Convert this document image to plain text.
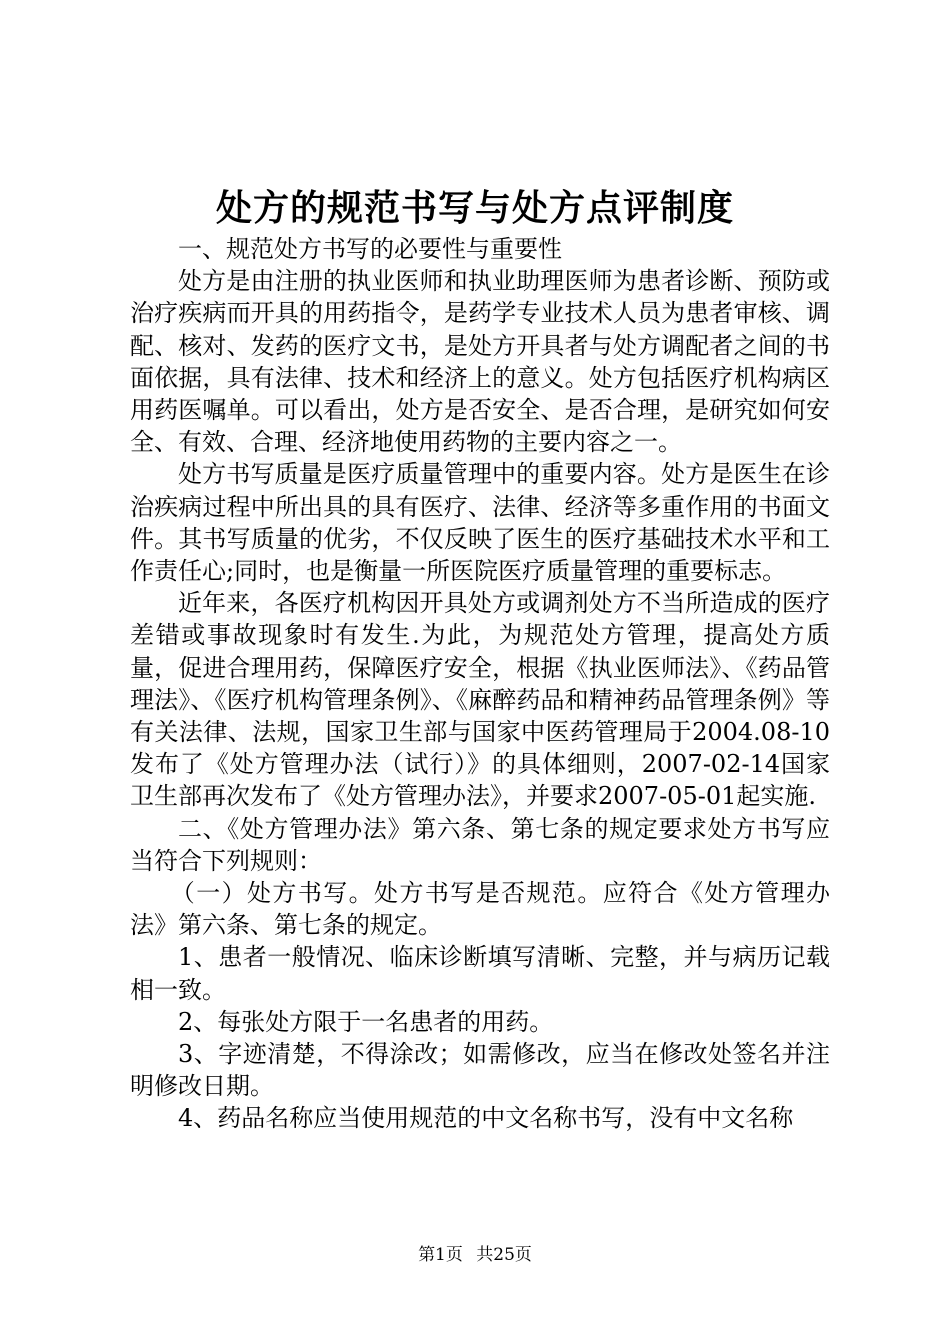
处方的规范书写与处方点评制度

一、规范处方书写的必要性与重要性

处方是由注册的执业医师和执业助理医师为患者诊断、预防或治疗疾病而开具的用药指令，是药学专业技术人员为患者审核、调配、核对、发药的医疗文书，是处方开具者与处方调配者之间的书面依据，具有法律、技术和经济上的意义。处方包括医疗机构病区用药医嘱单。可以看出，处方是否安全、是否合理，是研究如何安全、有效、合理、经济地使用药物的主要内容之一。

处方书写质量是医疗质量管理中的重要内容。处方是医生在诊治疾病过程中所出具的具有医疗、法律、经济等多重作用的书面文件。其书写质量的优劣，不仅反映了医生的医疗基础技术水平和工作责任心;同时，也是衡量一所医院医疗质量管理的重要标志。

近年来，各医疗机构因开具处方或调剂处方不当所造成的医疗差错或事故现象时有发生.为此，为规范处方管理，提高处方质量，促进合理用药，保障医疗安全，根据《执业医师法》、《药品管理法》、《医疗机构管理条例》、《麻醉药品和精神药品管理条例》等有关法律、法规，国家卫生部与国家中医药管理局于2004.08-10发布了《处方管理办法（试行）》的具体细则，2007-02-14国家卫生部再次发布了《处方管理办法》，并要求2007-05-01起实施.

二、《处方管理办法》第六条、第七条的规定要求处方书写应当符合下列规则：

（一）处方书写。处方书写是否规范。应符合《处方管理办法》第六条、第七条的规定。

1、患者一般情况、临床诊断填写清晰、完整，并与病历记载相一致。

2、每张处方限于一名患者的用药。

3、字迹清楚，不得涂改；如需修改，应当在修改处签名并注明修改日期。

4、药品名称应当使用规范的中文名称书写，没有中文名称

第1页 共25页
